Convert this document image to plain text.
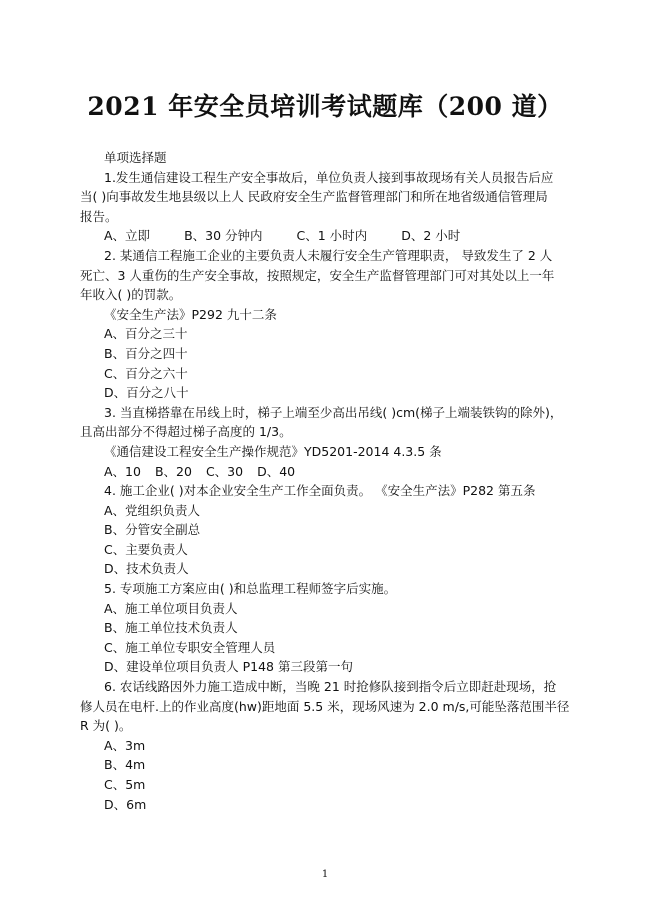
2021 年安全员培训考试题库（200 道）
单项选择题
1.发生通信建设工程生产安全事故后，单位负责人接到事故现场有关人员报告后应
当( )向事故发生地县级以上人 民政府安全生产监督管理部门和所在地省级通信管理局
报告。
A、立即	B、30 分钟内	C、1 小时内	D、2 小时
2. 某通信工程施工企业的主要负责人未履行安全生产管理职责， 导致发生了 2 人
死亡、3 人重伤的生产安全事故，按照规定，安全生产监督管理部门可对其处以上一年
年收入( )的罚款。
《安全生产法》P292 九十二条
A、百分之三十
B、百分之四十
C、百分之六十
D、百分之八十
3. 当直梯搭靠在吊线上时，梯子上端至少高出吊线( )cm(梯子上端装铁钩的除外)，
且高出部分不得超过梯子高度的 1/3。
《通信建设工程安全生产操作规范》YD5201-2014 4.3.5 条
A、10 B、20 C、30 D、40
4. 施工企业( )对本企业安全生产工作全面负责。 《安全生产法》P282 第五条
A、党组织负责人
B、分管安全副总
C、主要负责人
D、技术负责人
5. 专项施工方案应由( )和总监理工程师签字后实施。
A、施工单位项目负责人
B、施工单位技术负责人
C、施工单位专职安全管理人员
D、建设单位项目负责人 P148 第三段第一句
6. 农话线路因外力施工造成中断，当晚 21 时抢修队接到指令后立即赶赴现场，抢
修人员在电杆.上的作业高度(hw)距地面 5.5 米，现场风速为 2.0 m/s,可能坠落范围半径
R 为( )。
A、3m
B、4m
C、5m
D、6m
1
